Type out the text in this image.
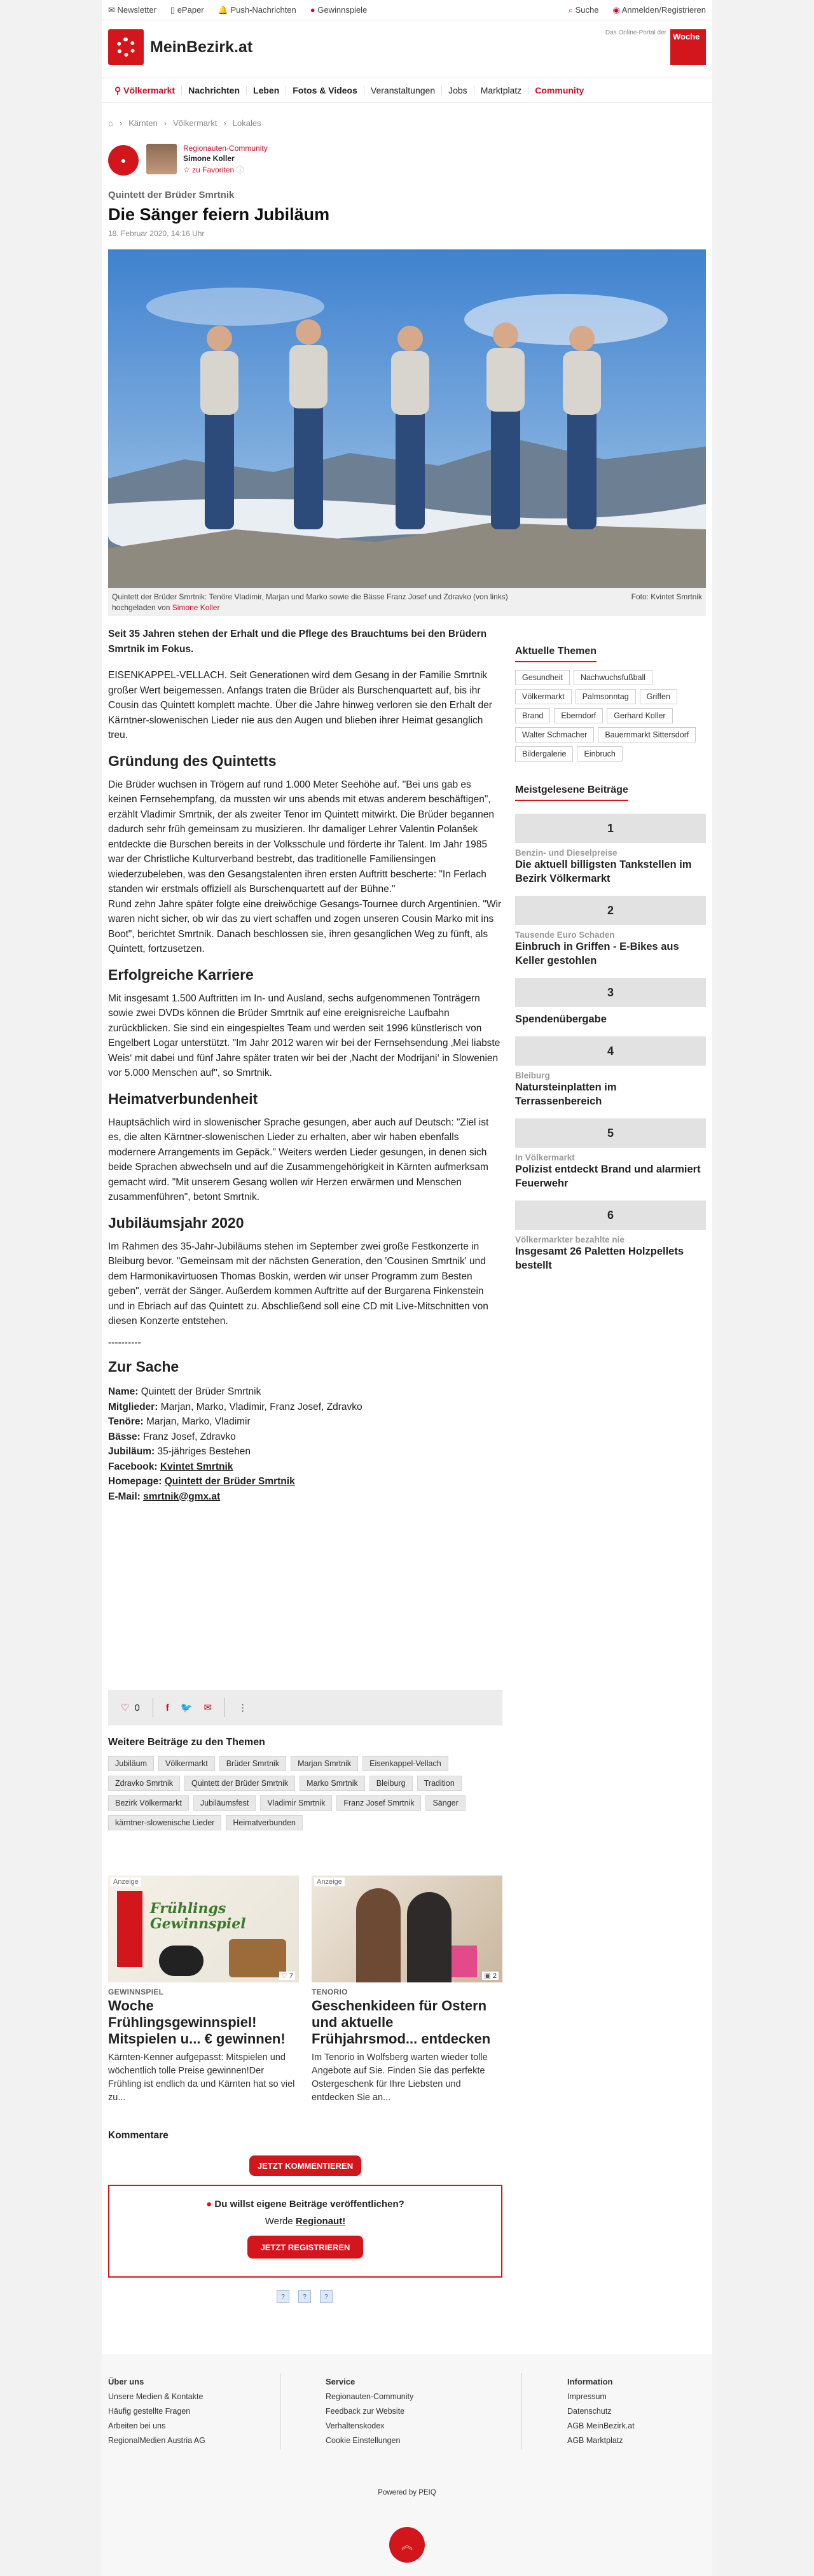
✉ Newsletter ▯ ePaper 🔔 Push-Nachrichten ● Gewinnspiele	⌕ Suche ◉ Anmelden/Registrieren
MeinBezirk.at
Das Online-Portal der Woche
⚲ Völkermarkt	Nachrichten	Leben	Fotos & Videos	Veranstaltungen	Jobs	Marktplatz	Community
⌂ › Kärnten › Völkermarkt › Lokales
●
Regionauten-Community
Simone Koller
☆ zu Favoriten ⓘ
Quintett der Brüder Smrtnik
Die Sänger feiern Jubiläum
18. Februar 2020, 14:16 Uhr
Quintett der Brüder Smrtnik: Tenöre Vladimir, Marjan und Marko sowie die Bässe Franz Josef und Zdravko (von links)	Foto: Kvintet Smrtnik

hochgeladen von Simone Koller

Seit 35 Jahren stehen der Erhalt und die Pflege des Brauchtums bei den Brüdern Smrtnik im Fokus.

EISENKAPPEL-VELLACH. Seit Generationen wird dem Gesang in der Familie Smrtnik großer Wert beigemessen. Anfangs traten die Brüder als Burschenquartett auf, bis ihr Cousin das Quintett komplett machte. Über die Jahre hinweg verloren sie den Erhalt der Kärntner-slowenischen Lieder nie aus den Augen und blieben ihrer Heimat gesanglich treu.

Gründung des Quintetts

Die Brüder wuchsen in Trögern auf rund 1.000 Meter Seehöhe auf. "Bei uns gab es keinen Fernsehempfang, da mussten wir uns abends mit etwas anderem beschäftigen", erzählt Vladimir Smrtnik, der als zweiter Tenor im Quintett mitwirkt. Die Brüder begannen dadurch sehr früh gemeinsam zu musizieren. Ihr damaliger Lehrer Valentin Polanšek entdeckte die Burschen bereits in der Volksschule und förderte ihr Talent. Im Jahr 1985 war der Christliche Kulturverband bestrebt, das traditionelle Familiensingen wiederzubeleben, was den Gesangstalenten ihren ersten Auftritt bescherte: "In Ferlach standen wir erstmals offiziell als Burschenquartett auf der Bühne."

Rund zehn Jahre später folgte eine dreiwöchige Gesangs-Tournee durch Argentinien. "Wir waren nicht sicher, ob wir das zu viert schaffen und zogen unseren Cousin Marko mit ins Boot", berichtet Smrtnik. Danach beschlossen sie, ihren gesanglichen Weg zu fünft, als Quintett, fortzusetzen.

Erfolgreiche Karriere

Mit insgesamt 1.500 Auftritten im In- und Ausland, sechs aufgenommenen Tonträgern sowie zwei DVDs können die Brüder Smrtnik auf eine ereignisreiche Laufbahn zurückblicken. Sie sind ein eingespieltes Team und werden seit 1996 künstlerisch von Engelbert Logar unterstützt. "Im Jahr 2012 waren wir bei der Fernsehsendung ‚Mei liabste Weis‘ mit dabei und fünf Jahre später traten wir bei der ‚Nacht der Modrijani‘ in Slowenien vor 5.000 Menschen auf", so Smrtnik.

Heimatverbundenheit

Hauptsächlich wird in slowenischer Sprache gesungen, aber auch auf Deutsch: "Ziel ist es, die alten Kärntner-slowenischen Lieder zu erhalten, aber wir haben ebenfalls modernere Arrangements im Gepäck." Weiters werden Lieder gesungen, in denen sich beide Sprachen abwechseln und auf die Zusammengehörigkeit in Kärnten aufmerksam gemacht wird. "Mit unserem Gesang wollen wir Herzen erwärmen und Menschen zusammenführen", betont Smrtnik.

Jubiläumsjahr 2020

Im Rahmen des 35-Jahr-Jubiläums stehen im September zwei große Festkonzerte in Bleiburg bevor. "Gemeinsam mit der nächsten Generation, den 'Cousinen Smrtnik' und dem Harmonikavirtuosen Thomas Boskin, werden wir unser Programm zum Besten geben", verrät der Sänger. Außerdem kommen Auftritte auf der Burgarena Finkenstein und in Ebriach auf das Quintett zu. Abschließend soll eine CD mit Live-Mitschnitten von diesen Konzerte entstehen.

----------

Zur Sache
Name: Quintett der Brüder Smrtnik
Mitglieder: Marjan, Marko, Vladimir, Franz Josef, Zdravko
Tenöre: Marjan, Marko, Vladimir
Bässe: Franz Josef, Zdravko
Jubiläum: 35-jähriges Bestehen
Facebook: Kvintet Smrtnik
Homepage: Quintett der Brüder Smrtnik
E-Mail: smrtnik@gmx.at
♡ 0	f 🐦 ✉	⋮
Weitere Beiträge zu den Themen
Jubiläum	Völkermarkt	Brüder Smrtnik	Marjan Smrtnik	Eisenkappel-Vellach
Zdravko Smrtnik	Quintett der Brüder Smrtnik	Marko Smrtnik	Bleiburg	Tradition
Bezirk Völkermarkt	Jubiläumsfest	Vladimir Smrtnik	Franz Josef Smrtnik	Sänger
kärntner-slowenische Lieder	Heimatverbunden
Anzeige
Frühlings Gewinnspiel
♡ 7
GEWINNSPIEL
Woche Frühlingsgewinnspiel! Mitspielen u... € gewinnen!
Kärnten-Kenner aufgepasst: Mitspielen und wöchentlich tolle Preise gewinnen!Der Frühling ist endlich da und Kärnten hat so viel zu...
Anzeige
▣ 2
TENORIO
Geschenkideen für Ostern und aktuelle Frühjahrsmod... entdecken
Im Tenorio in Wolfsberg warten wieder tolle Angebote auf Sie. Finden Sie das perfekte Ostergeschenk für Ihre Liebsten und entdecken Sie an...
Kommentare
JETZT KOMMENTIEREN
● Du willst eigene Beiträge veröffentlichen?
Werde Regionaut!
JETZT REGISTRIEREN
?	?	?
Aktuelle Themen
Gesundheit	Nachwuchsfußball
Völkermarkt	Palmsonntag	Griffen
Brand	Eberndorf	Gerhard Koller
Walter Schmacher	Bauernmarkt Sittersdorf
Bildergalerie	Einbruch
Meistgelesene Beiträge
1
Benzin- und Dieselpreise
Die aktuell billigsten Tankstellen im Bezirk Völkermarkt
2
Tausende Euro Schaden
Einbruch in Griffen - E-Bikes aus Keller gestohlen
3
Spendenübergabe
4
Bleiburg
Natursteinplatten im Terrassenbereich
5
In Völkermarkt
Polizist entdeckt Brand und alarmiert Feuerwehr
6
Völkermarkter bezahlte nie
Insgesamt 26 Paletten Holzpellets bestellt
Über uns
Unsere Medien & Kontakte
Häufig gestellte Fragen
Arbeiten bei uns
RegionalMedien Austria AG
Service
Regionauten-Community
Feedback zur Website
Verhaltenskodex
Cookie Einstellungen
Information
Impressum
Datenschutz
AGB MeinBezirk.at
AGB Marktplatz
Powered by PEIQ
︽
